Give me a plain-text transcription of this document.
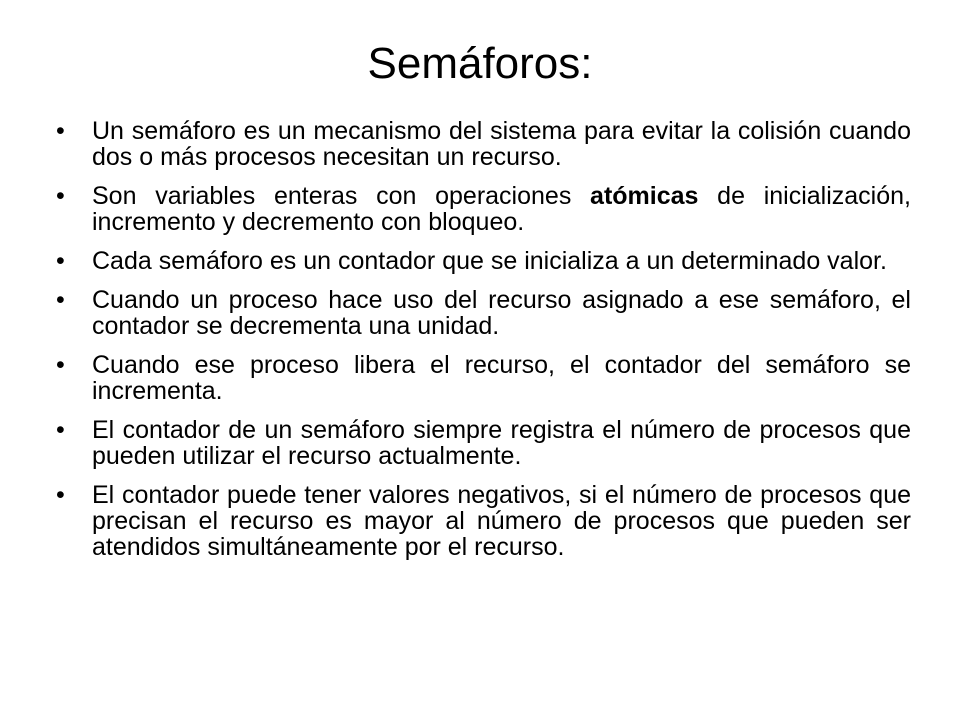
Semáforos:
•	Un semáforo es un mecanismo del sistema para evitar la colisión cuando dos o más procesos necesitan un recurso.
•	Son variables enteras con operaciones atómicas de inicialización, incremento y decremento con bloqueo.
•	Cada semáforo es un contador que se inicializa a un determinado valor.
•	Cuando un proceso hace uso del recurso asignado a ese semáforo, el contador se decrementa una unidad.
•	Cuando ese proceso libera el recurso, el contador del semáforo se incrementa.
•	El contador de un semáforo siempre registra el número de procesos que pueden utilizar el recurso actualmente.
•	El contador puede tener valores negativos, si el número de procesos que precisan el recurso es mayor al número de procesos que pueden ser atendidos simultáneamente por el recurso.
